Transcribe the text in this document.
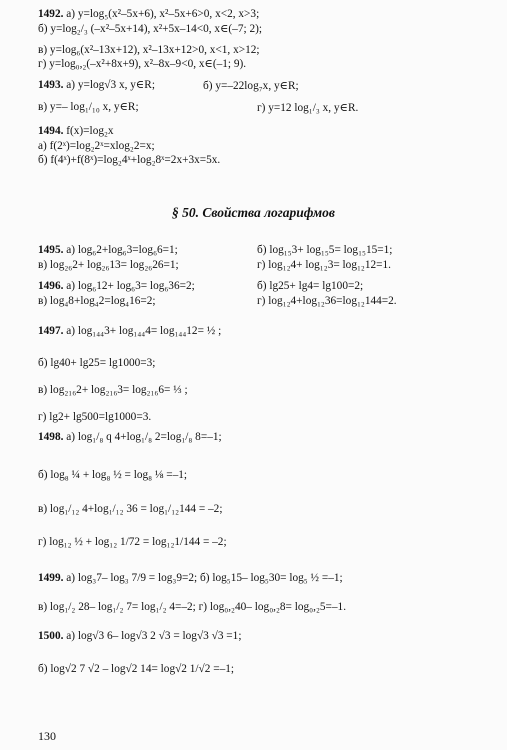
1492. а) y=log₅(x²–5x+6), x²–5x+6>0, x<2, x>3;
б) y=log₂/₃ (–x²–5x+14), x²+5x–14<0, x∈(–7; 2);
в) y=log₆(x²–13x+12), x²–13x+12>0, x<1, x>12;
г) y=log₀,₂(–x²+8x+9), x²–8x–9<0, x∈(–1; 9).
1493. а) y=log√3 x, y∈R;	б) y=–22log₇x, y∈R;
в) y=– log₁/₁₀ x, y∈R;	г) y=12 log₁/₃ x, y∈R.
1494. f(x)=log₂x
а) f(2ˣ)=log₂2ˣ=xlog₂2=x;
б) f(4ˣ)+f(8ˣ)=log₂4ˣ+log₂8ˣ=2x+3x=5x.
§ 50. Свойства логарифмов
1495. а) log₆2+log₆3=log₆6=1;	б) log₁₅3+ log₁₅5= log₁₅15=1;
в) log₂₆2+ log₂₆13= log₂₆26=1;	г) log₁₂4+ log₁₂3= log₁₂12=1.
1496. а) log₆12+ log₆3= log₆36=2;	б) lg25+ lg4= lg100=2;
в) log₄8+log₄2=log₄16=2;	г) log₁₂4+log₁₂36=log₁₂144=2.
1497. а) log₁₄₄3+ log₁₄₄4= log₁₄₄12= ½ ;
б) lg40+ lg25= lg1000=3;
в) log₂₁₆2+ log₂₁₆3= log₂₁₆6= ⅓ ;
г) lg2+ lg500=lg1000=3.
1498. а) log₁/₈ q 4+log₁/₈ 2=log₁/₈ 8=–1;
б) log₈ ¼ + log₈ ½ = log₈ ⅛ =–1;
в) log₁/₁₂ 4+log₁/₁₂ 36 = log₁/₁₂144 = –2;
г) log₁₂ ½ + log₁₂ 1/72 = log₁₂1/144 = –2;
1499. а) log₃7– log₃ 7/9 = log₃9=2; б) log₅15– log₅30= log₅ ½ =–1;
в) log₁/₂ 28– log₁/₂ 7= log₁/₂ 4=–2; г) log₀,₂40– log₀,₂8= log₀,₂5=–1.
1500. а) log√3 6– log√3 2 √3 = log√3 √3 =1;
б) log√2 7 √2 – log√2 14= log√2 1/√2 =–1;
130
